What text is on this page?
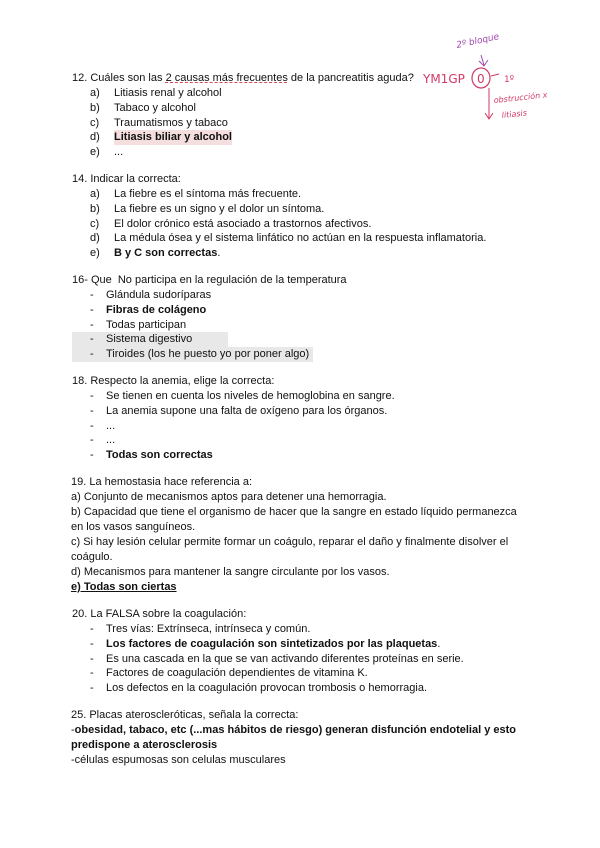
2º bloque
YM1GP 0 1º
obstrucción x
litiasis
12. Cuáles son las 2 causas más frecuentes de la pancreatitis aguda?
a)	Litiasis renal y alcohol
b)	Tabaco y alcohol
c)	Traumatismos y tabaco
d)	Litiasis biliar y alcohol
e)	...
14. Indicar la correcta:
a)	La fiebre es el síntoma más frecuente.
b)	La fiebre es un signo y el dolor un síntoma.
c)	El dolor crónico está asociado a trastornos afectivos.
d)	La médula ósea y el sistema linfático no actúan en la respuesta inflamatoria.
e)	B y C son correctas.
16- Que  No participa en la regulación de la temperatura
-	Glándula sudoríparas
-	Fibras de colágeno
-	Todas participan
-	Sistema digestivo
-	Tiroides (los he puesto yo por poner algo)
18. Respecto la anemia, elige la correcta:
-	Se tienen en cuenta los niveles de hemoglobina en sangre.
-	La anemia supone una falta de oxígeno para los órganos.
-	...
-	...
-	Todas son correctas
19. La hemostasia hace referencia a:
a) Conjunto de mecanismos aptos para detener una hemorragia.
b) Capacidad que tiene el organismo de hacer que la sangre en estado líquido permanezca en los vasos sanguíneos.
c) Si hay lesión celular permite formar un coágulo, reparar el daño y finalmente disolver el coágulo.
d) Mecanismos para mantener la sangre circulante por los vasos.
e) Todas son ciertas
20. La FALSA sobre la coagulación:
-	Tres vías: Extrínseca, intrínseca y común.
-	Los factores de coagulación son sintetizados por las plaquetas.
-	Es una cascada en la que se van activando diferentes proteínas en serie.
-	Factores de coagulación dependientes de vitamina K.
-	Los defectos en la coagulación provocan trombosis o hemorragia.
25. Placas ateroscleróticas, señala la correcta:
-obesidad, tabaco, etc (...mas hábitos de riesgo) generan disfunción endotelial y esto predispone a aterosclerosis
-células espumosas son celulas musculares
